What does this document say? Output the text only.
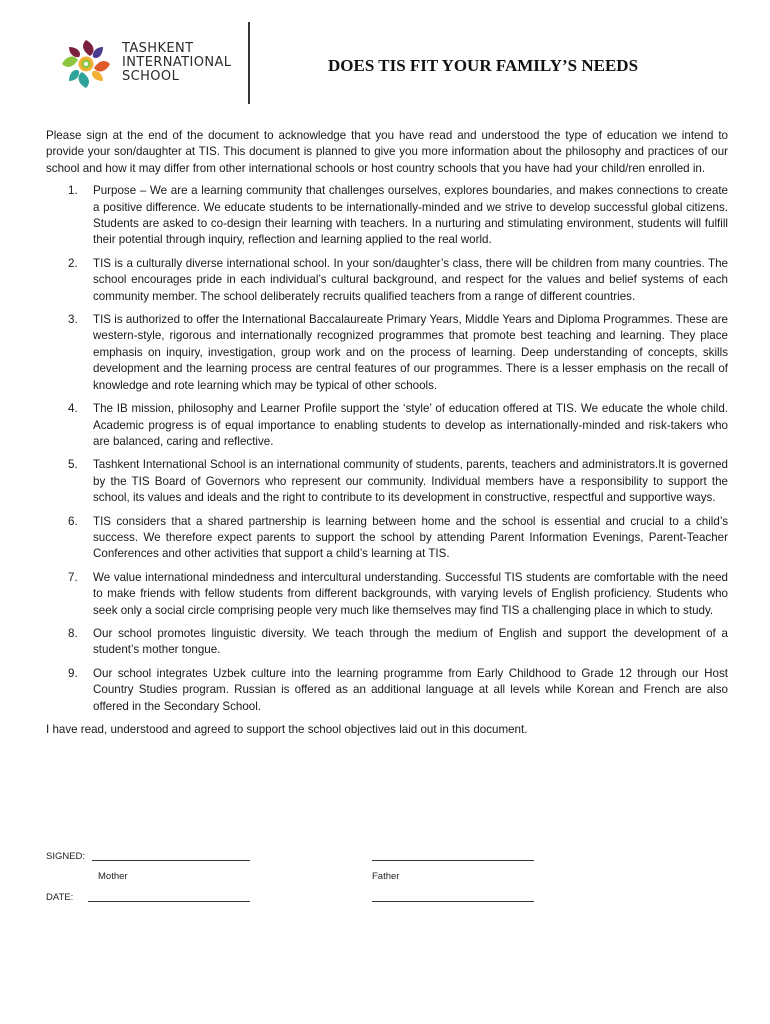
TASHKENT
INTERNATIONAL
SCHOOL
DOES TIS FIT YOUR FAMILY’S NEEDS

Please sign at the end of the document to acknowledge that you have read and understood the type of education we intend to provide your son/daughter at TIS. This document is planned to give you more information about the philosophy and practices of our school and how it may differ from other international schools or host country schools that you have had your child/ren enrolled in.

1. Purpose – We are a learning community that challenges ourselves, explores boundaries, and makes connections to create a positive difference. We educate students to be internationally-minded and we strive to develop successful global citizens. Students are asked to co-design their learning with teachers. In a nurturing and stimulating environment, students will fulfill their potential through inquiry, reflection and learning applied to the real world.
2. TIS is a culturally diverse international school. In your son/daughter’s class, there will be children from many countries. The school encourages pride in each individual’s cultural background, and respect for the values and belief systems of each community member. The school deliberately recruits qualified teachers from a range of different countries.
3. TIS is authorized to offer the International Baccalaureate Primary Years, Middle Years and Diploma Programmes. These are western-style, rigorous and internationally recognized programmes that promote best teaching and learning. They place emphasis on inquiry, investigation, group work and on the process of learning. Deep understanding of concepts, skills development and the learning process are central features of our programmes. There is a lesser emphasis on the recall of knowledge and rote learning which may be typical of other schools.
4. The IB mission, philosophy and Learner Profile support the ‘style’ of education offered at TIS. We educate the whole child. Academic progress is of equal importance to enabling students to develop as internationally-minded and risk-takers who are balanced, caring and reflective.
5. Tashkent International School is an international community of students, parents, teachers and administrators.It is governed by the TIS Board of Governors who represent our community. Individual members have a responsibility to support the school, its values and ideals and the right to contribute to its development in constructive, respectful and supportive ways.
6. TIS considers that a shared partnership is learning between home and the school is essential and crucial to a child’s success. We therefore expect parents to support the school by attending Parent Information Evenings, Parent-Teacher Conferences and other activities that support a child’s learning at TIS.
7. We value international mindedness and intercultural understanding. Successful TIS students are comfortable with the need to make friends with fellow students from different backgrounds, with varying levels of English proficiency. Students who seek only a social circle comprising people very much like themselves may find TIS a challenging place in which to study.
8. Our school promotes linguistic diversity. We teach through the medium of English and support the development of a student’s mother tongue.
9. Our school integrates Uzbek culture into the learning programme from Early Childhood to Grade 12 through our Host Country Studies program. Russian is offered as an additional language at all levels while Korean and French are also offered in the Secondary School.
I have read, understood and agreed to support the school objectives laid out in this document.
SIGNED:
Mother	Father
DATE:
